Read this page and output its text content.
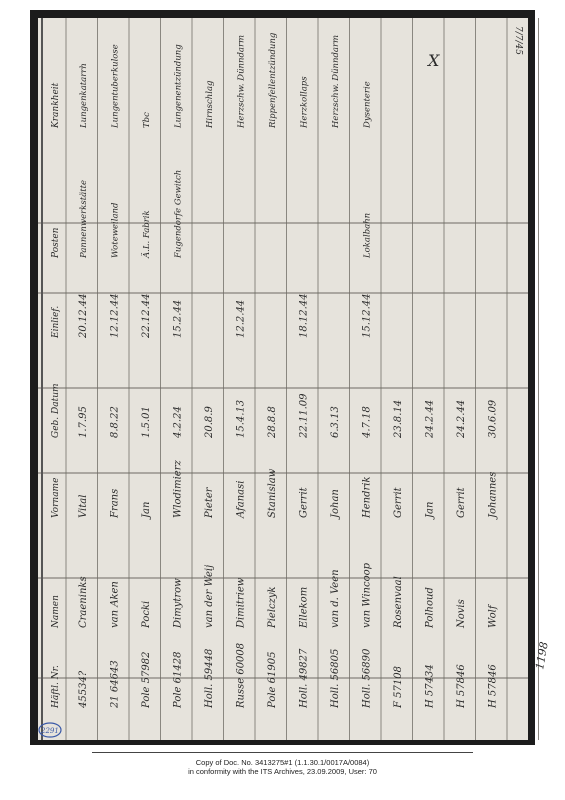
Häftl. Nr.
Namen
Vorname
Geb. Datum
Einlief.
Posten
Krankheit
45534?
Craeninks
Vital
1.7.95
20.12.44
Pannenwerkstätte
Lungenkatarrh
21 64643
van Aken
Frans
8.8.22
12.12.44
Woteweiland
Lungentuberkulose
Pole 57982
Pocki
Jan
1.5.01
22.12.44
Ä.L. Fabrik
Tbc
Pole 61428
Dimytrow
Wlodimierz
4.2.24
15.2.44
Fugendorfe Gewitch
Lungenentzündung
Holl. 59448
van der Weij
Pieter
20.8.9
Hirnschlag
Russe 60008
Dimitriew
Afanasi
15.4.13
12.2.44
Herzschw. Dünndarm
Pole 61905
Pielczyk
Stanislaw
28.8.8
Rippenfellentzündung
Holl. 49827
Ellekom
Gerrit
22.11.09
18.12.44
Herzkollaps
Holl. 56805
van d. Veen
Johan
6.3.13
Herzschw. Dünndarm
Holl. 56890
van Wincoop
Hendrik
4.7.18
15.12.44
Lokalbahn
Dysenterie
F 57108
Rosenvaal
Gerrit
23.8.14
H 57434
Polhoud
Jan
24.2.44
H 57846
Novis
Gerrit
24.2.44
H 57846
Wolf
Johannes
30.6.09
7/7/45
X
1198
2291
Copy of Doc. No. 3413275#1 (1.1.30.1/0017A/0084)
in conformity with the ITS Archives, 23.09.2009, User: 70
